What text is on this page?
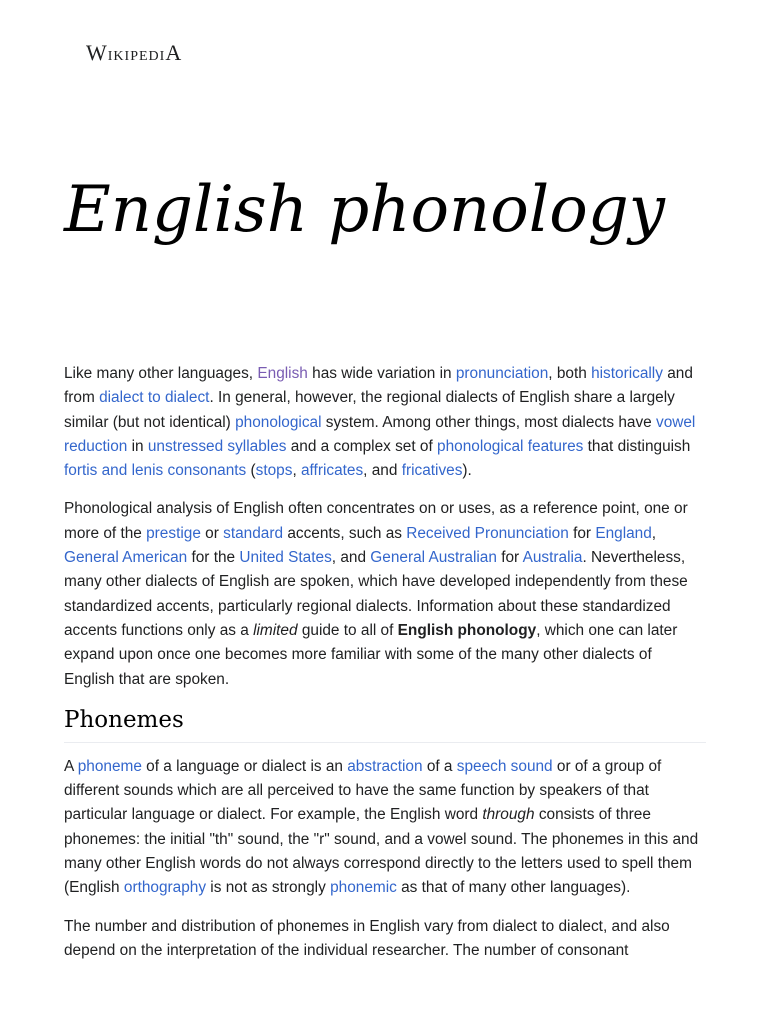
WikipediA
English phonology

Like many other languages, English has wide variation in pronunciation, both historically and from dialect to dialect. In general, however, the regional dialects of English share a largely similar (but not identical) phonological system. Among other things, most dialects have vowel reduction in unstressed syllables and a complex set of phonological features that distinguish fortis and lenis consonants (stops, affricates, and fricatives).

Phonological analysis of English often concentrates on or uses, as a reference point, one or more of the prestige or standard accents, such as Received Pronunciation for England, General American for the United States, and General Australian for Australia. Nevertheless, many other dialects of English are spoken, which have developed independently from these standardized accents, particularly regional dialects. Information about these standardized accents functions only as a limited guide to all of English phonology, which one can later expand upon once one becomes more familiar with some of the many other dialects of English that are spoken.

Phonemes

A phoneme of a language or dialect is an abstraction of a speech sound or of a group of different sounds which are all perceived to have the same function by speakers of that particular language or dialect. For example, the English word through consists of three phonemes: the initial "th" sound, the "r" sound, and a vowel sound. The phonemes in this and many other English words do not always correspond directly to the letters used to spell them (English orthography is not as strongly phonemic as that of many other languages).

The number and distribution of phonemes in English vary from dialect to dialect, and also depend on the interpretation of the individual researcher. The number of consonant
